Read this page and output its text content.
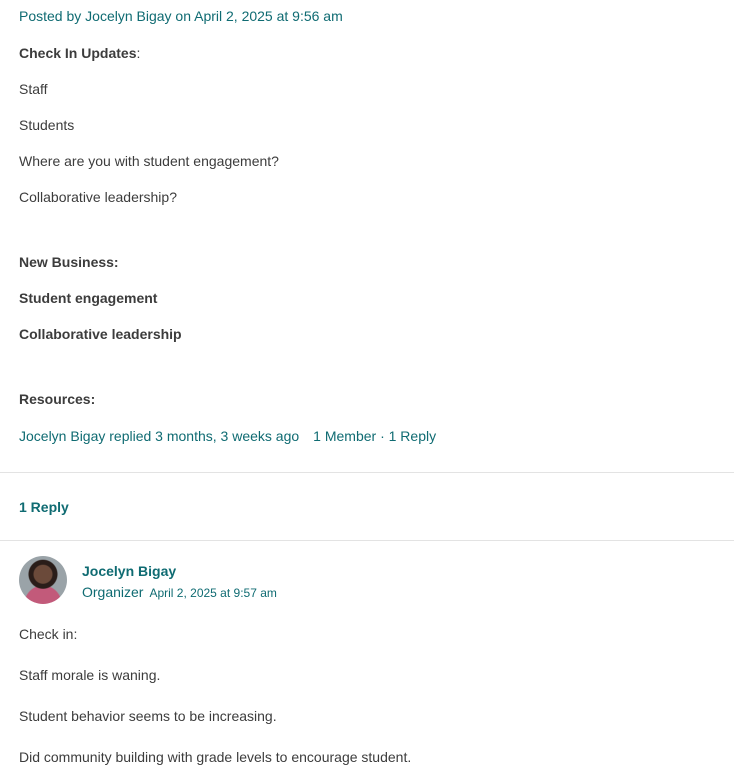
Posted by Jocelyn Bigay on April 2, 2025 at 9:56 am
Check In Updates:
Staff
Students
Where are you with student engagement?
Collaborative leadership?
New Business:
Student engagement
Collaborative leadership
Resources:
Jocelyn Bigay replied 3 months, 3 weeks ago 1 Member · 1 Reply
1 Reply
Jocelyn Bigay
Organizer April 2, 2025 at 9:57 am
Check in:
Staff morale is waning.
Student behavior seems to be increasing.
Did community building with grade levels to encourage student.
